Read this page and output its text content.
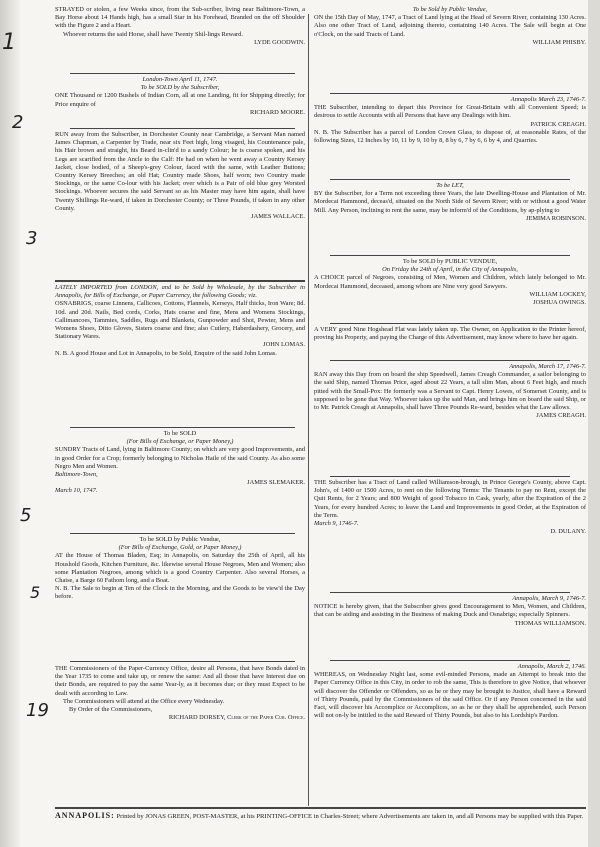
1
2
3
5
5
19

STRAYED or stolen, a few Weeks since, from the Sub-scriber, living near Baltimore-Town, a Bay Horse about 14 Hands high, has a small Star in his Forehead, Branded on the off Shoulder with the Figure 2 and a Heart.

Whoever returns the said Horse, shall have Twenty Shil-lings Reward.

LYDE GOODWIN.

London-Town April 11, 1747.

To be SOLD by the Subscriber,

ONE Thousand or 1200 Bushels of Indian Corn, all at one Landing, fit for Shipping directly; for Price enquire of

RICHARD MOORE.

RUN away from the Subscriber, in Dorchester County near Cambridge, a Servant Man named James Chapman, a Carpenter by Trade, near six Feet high, long visaged, his Countenance pale, his Hair brown and straight, his Beard in-clin'd to a sandy Colour; he is coarse spoken, and his Legs are scarified from the Ancle to the Calf: He had on when he went away a Country Kersey Jacket, close bodied, of a Sheep's-grey Colour, faced with the same, with Leather Buttons; Country Kersey Breeches; an old Hat; Country made Shoes, half worn; two Country made Stockings, or the same Co-lour with his Jacket; over which is a Pair of old blue grey Worsted Stockings. Whoever secures the said Servant so as his Master may have him again, shall have Twenty Shillings Re-ward, if taken in Dorchester County; or Three Pounds, if taken in any other County.

JAMES WALLACE.

LATELY IMPORTED from LONDON, and to be Sold by Wholesale, by the Subscriber in Annapolis, for Bills of Exchange, or Paper Currency, the following Goods; viz.

OSNABRIGS, coarse Linnens, Callicoes, Cottons, Flannels, Kerseys, Half thicks, Iron Ware; 8d. 10d. and 20d. Nails, Bed cords, Corks, Hats coarse and fine, Mens and Womens Stockings, Callimancoes, Tammies, Saddles, Rugs and Blankets, Gunpowder and Shot, Pewter, Mens and Womens Shoes, Ditto Gloves, Sisters coarse and fine; also Cutlery, Haberdashery, Grocery, and Stationary Wares.

JOHN LOMAS.

N. B. A good House and Lot in Annapolis, to be Sold, Enquire of the said John Lomas.

To be SOLD

(For Bills of Exchange, or Paper Money,)

SUNDRY Tracts of Land, lying in Baltimore County; on which are very good Improvements, and in good Order for a Crop; formerly belonging to Nicholas Haile of the said County. As also some Negro Men and Women.

Baltimore-Town,

JAMES SLEMAKER.

March 10, 1747.

To be SOLD by Public Vendue,

(For Bills of Exchange, Gold, or Paper Money,)

AT the House of Thomas Bladen, Esq; in Annapolis, on Saturday the 25th of April, all his Houshold Goods, Kitchen Furniture, &c. likewise several House Negroes, Men and Women; also some Plantation Negroes, among which is a good Country Carpenter. Also several Horses, a Chaise, a Barge 60 Fathom long, and a Boat.

N. B. The Sale to begin at Ten of the Clock in the Morning, and the Goods to be view'd the Day before.

THE Commissioners of the Paper-Currency Office, desire all Persons, that have Bonds dated in the Year 1735 to come and take up, or renew the same: And all those that have Interest due on their Bonds, are required to pay the same Year-ly, as it becomes due; or they must Expect to be dealt with according to Law.

The Commissioners will attend at the Office every Wednesday.

By Order of the Commissioners,

RICHARD DORSEY, Clerk of the Paper Cur. Office.

To be Sold by Public Vendue,

ON the 15th Day of May, 1747, a Tract of Land lying at the Head of Severn River, containing 130 Acres. Also one other Tract of Land, adjoining thereto, containing 140 Acres. The Sale will begin at One o'Clock, on the said Tracts of Land.

WILLIAM PHISBY.

Annapolis March 23, 1746-7.

THE Subscriber, intending to depart this Province for Great-Britain with all Convenient Speed; is desirous to settle Accounts with all Persons that have any Dealings with him.

PATRICK CREAGH.

N. B. The Subscriber has a parcel of London Crown Glass, to dispose of, at reasonable Rates, of the following Sizes, 12 Inches by 10, 11 by 9, 10 by 8, 8 by 6, 7 by 6, 6 by 4, and Quarries.

To be LET,

BY the Subscriber, for a Term not exceeding three Years, the late Dwelling-House and Plantation of Mr. Mordecai Hammond, deceas'd, situated on the North Side of Severn River; with or without a good Water Mill. Any Person, inclining to rent the same, may be inform'd of the Conditions, by ap-plying to

JEMIMA ROBINSON.

To be SOLD by PUBLIC VENDUE,

On Friday the 24th of April, in the City of Annapolis,

A CHOICE parcel of Negroes, consisting of Men, Women and Children, which lately belonged to Mr. Mordecai Hammond, deceased, among whom are Nine very good Sawyers.

WILLIAM LOCKEY,

JOSHUA OWINGS.

A VERY good Nine Hogshead Flat was lately taken up. The Owner, on Application to the Printer hereof, proving his Property, and paying the Charge of this Advertisement, may know where to have her again.

Annapolis, March 17, 1746-7.

RAN away this Day from on board the ship Speedwell, James Creagh Commander, a sailor belonging to the said Ship, named Thomas Price, aged about 22 Years, a tall slim Man, about 6 Feet high, and much pitted with the Small-Pox: He formerly was a Servant to Capt. Henry Lowes, of Somerset County, and is supposed to be gone that Way. Whoever takes up the said Man, and brings him on board the said Ship, or to Mr. Patrick Creagh at Annapolis, shall have Three Pounds Re-ward, besides what the Law allows.

JAMES CREAGH.

THE Subscriber has a Tract of Land called Williamson-brough, in Prince George's County, above Capt. John's, of 1400 or 1500 Acres, to rent on the following Terms: The Tenants to pay no Rent, except the Quit Rents, for 2 Years; and 800 Weight of good Tobacco in Cask, yearly, after the Expiration of the 2 Years, for every hundred Acres; to leave the Land and Improvements in good Order, at the Expiration of the Term.

March 9, 1746-7.

D. DULANY.

Annapolis, March 9, 1746-7.

NOTICE is hereby given, that the Subscriber gives good Encouragement to Men, Women, and Children, that can be aiding and assisting in the Business of making Duck and Osnabrigs; especially Spinners.

THOMAS WILLIAMSON.

Annapolis, March 2, 1746.

WHEREAS, on Wednesday Night last, some evil-minded Persons, made an Attempt to break into the Paper Currency Office in this City, in order to rob the same, This is therefore to give Notice, that whoever will discover the Offender or Offenders, so as he or they may be brought to Justice, shall have a Reward of Thirty Pounds, paid by the Commissioners of the said Office. Or if any Person concerned in the said Fact, will discover his Accomplice or Accomplices, so as he or they shall be apprehended, such Person will not on-ly be intitled to the said Reward of Thirty Pounds, but also to his Lordship's Pardon.

ANNAPOLIS: Printed by JONAS GREEN, POST-MASTER, at his PRINTING-OFFICE in Charles-Street; where Advertisements are taken in, and all Persons may be supplied with this Paper.
